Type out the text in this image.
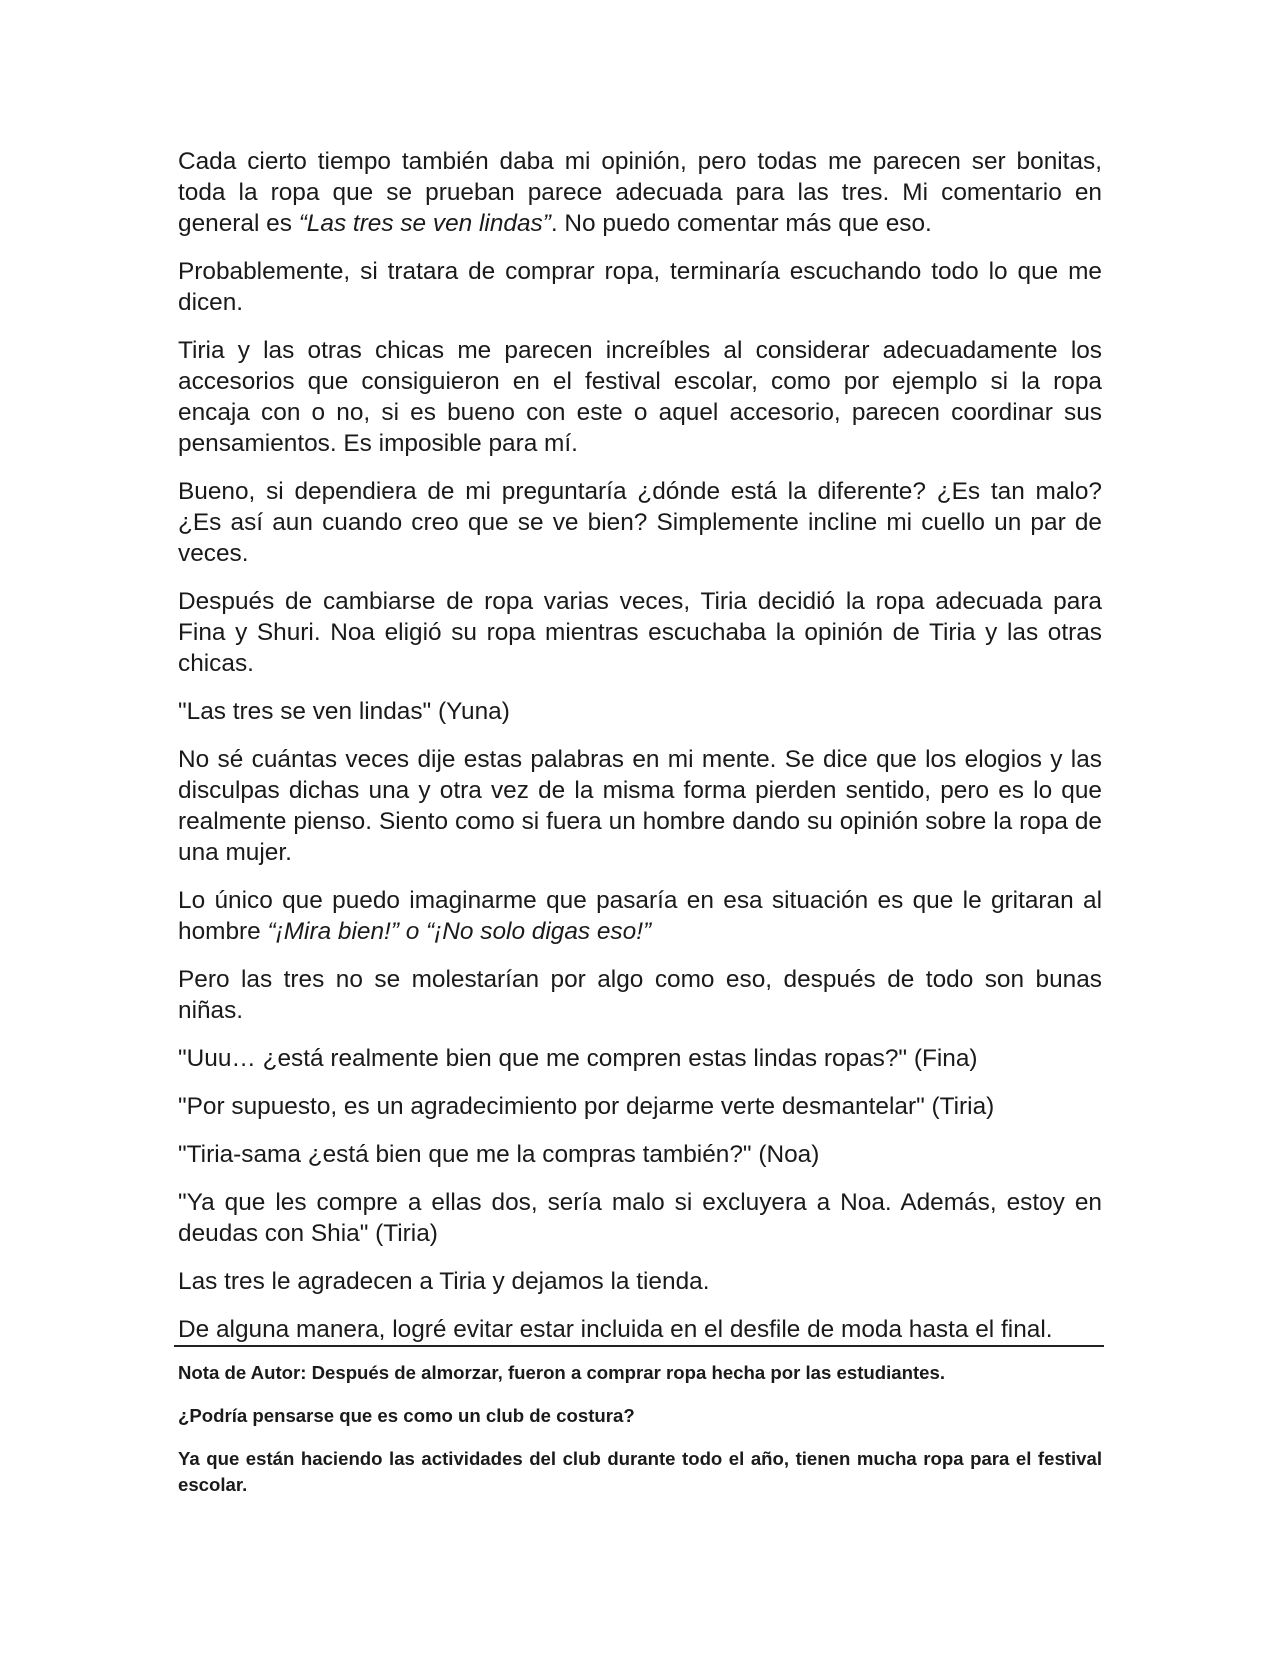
Cada cierto tiempo también daba mi opinión, pero todas me parecen ser bonitas, toda la ropa que se prueban parece adecuada para las tres. Mi comentario en general es “Las tres se ven lindas”. No puedo comentar más que eso.

Probablemente, si tratara de comprar ropa, terminaría escuchando todo lo que me dicen.

Tiria y las otras chicas me parecen increíbles al considerar adecuadamente los accesorios que consiguieron en el festival escolar, como por ejemplo si la ropa encaja con o no, si es bueno con este o aquel accesorio, parecen coordinar sus pensamientos. Es imposible para mí.

Bueno, si dependiera de mi preguntaría ¿dónde está la diferente? ¿Es tan malo? ¿Es así aun cuando creo que se ve bien? Simplemente incline mi cuello un par de veces.

Después de cambiarse de ropa varias veces, Tiria decidió la ropa adecuada para Fina y Shuri. Noa eligió su ropa mientras escuchaba la opinión de Tiria y las otras chicas.

"Las tres se ven lindas" (Yuna)

No sé cuántas veces dije estas palabras en mi mente. Se dice que los elogios y las disculpas dichas una y otra vez de la misma forma pierden sentido, pero es lo que realmente pienso. Siento como si fuera un hombre dando su opinión sobre la ropa de una mujer.

Lo único que puedo imaginarme que pasaría en esa situación es que le gritaran al hombre “¡Mira bien!” o “¡No solo digas eso!”

Pero las tres no se molestarían por algo como eso, después de todo son bunas niñas.

"Uuu… ¿está realmente bien que me compren estas lindas ropas?" (Fina)

"Por supuesto, es un agradecimiento por dejarme verte desmantelar" (Tiria)

"Tiria-sama ¿está bien que me la compras también?" (Noa)

"Ya que les compre a ellas dos, sería malo si excluyera a Noa. Además, estoy en deudas con Shia" (Tiria)

Las tres le agradecen a Tiria y dejamos la tienda.

De alguna manera, logré evitar estar incluida en el desfile de moda hasta el final.

Nota de Autor: Después de almorzar, fueron a comprar ropa hecha por las estudiantes.

¿Podría pensarse que es como un club de costura?

Ya que están haciendo las actividades del club durante todo el año, tienen mucha ropa para el festival escolar.
